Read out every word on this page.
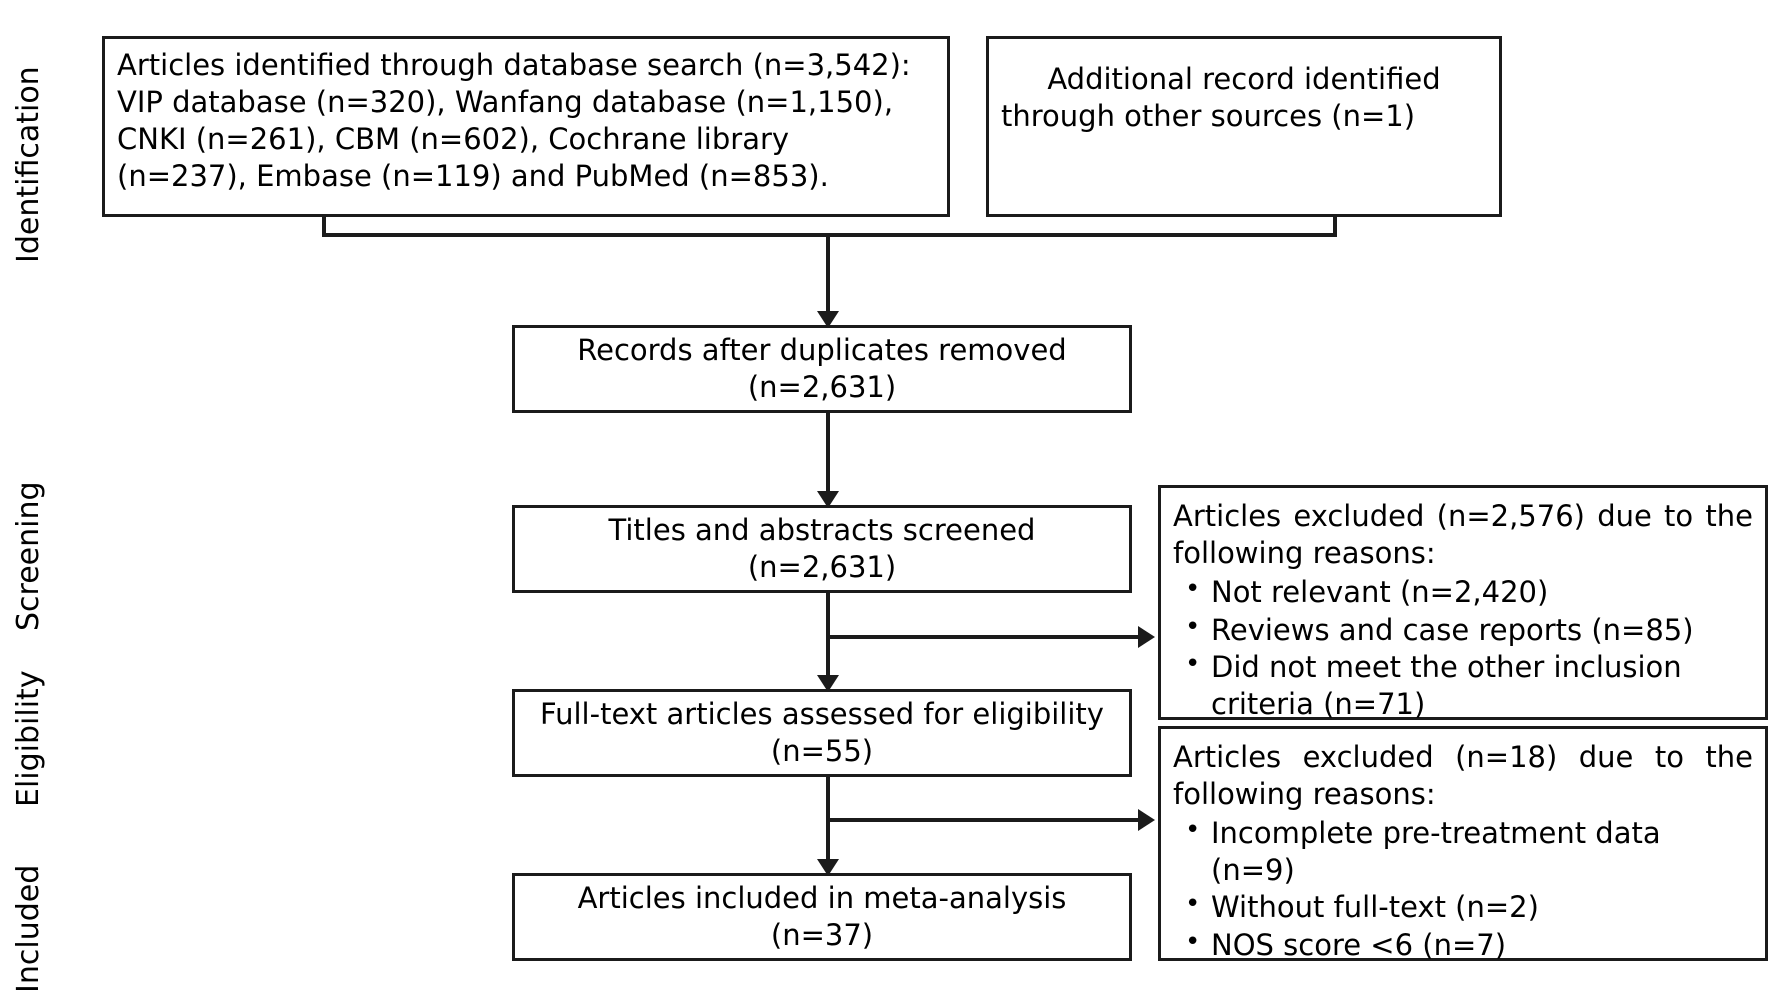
Identification
Screening
Eligibility
Included
Articles identified through database search (n=3,542):
VIP database (n=320), Wanfang database (n=1,150),
CNKI (n=261), CBM (n=602), Cochrane library
(n=237), Embase (n=119) and PubMed (n=853).
Additional record identified
through other sources (n=1)
Records after duplicates removed
(n=2,631)
Titles and abstracts screened
(n=2,631)
Articles excluded (n=2,576) due to the following reasons:
• Not relevant (n=2,420)
• Reviews and case reports (n=85)
• Did not meet the other inclusion criteria (n=71)
Full-text articles assessed for eligibility
(n=55)	Articles excluded (n=18) due to the following reasons:
• Incomplete pre-treatment data (n=9)
• Without full-text (n=2)
• NOS score <6 (n=7)
Articles included in meta-analysis
(n=37)
